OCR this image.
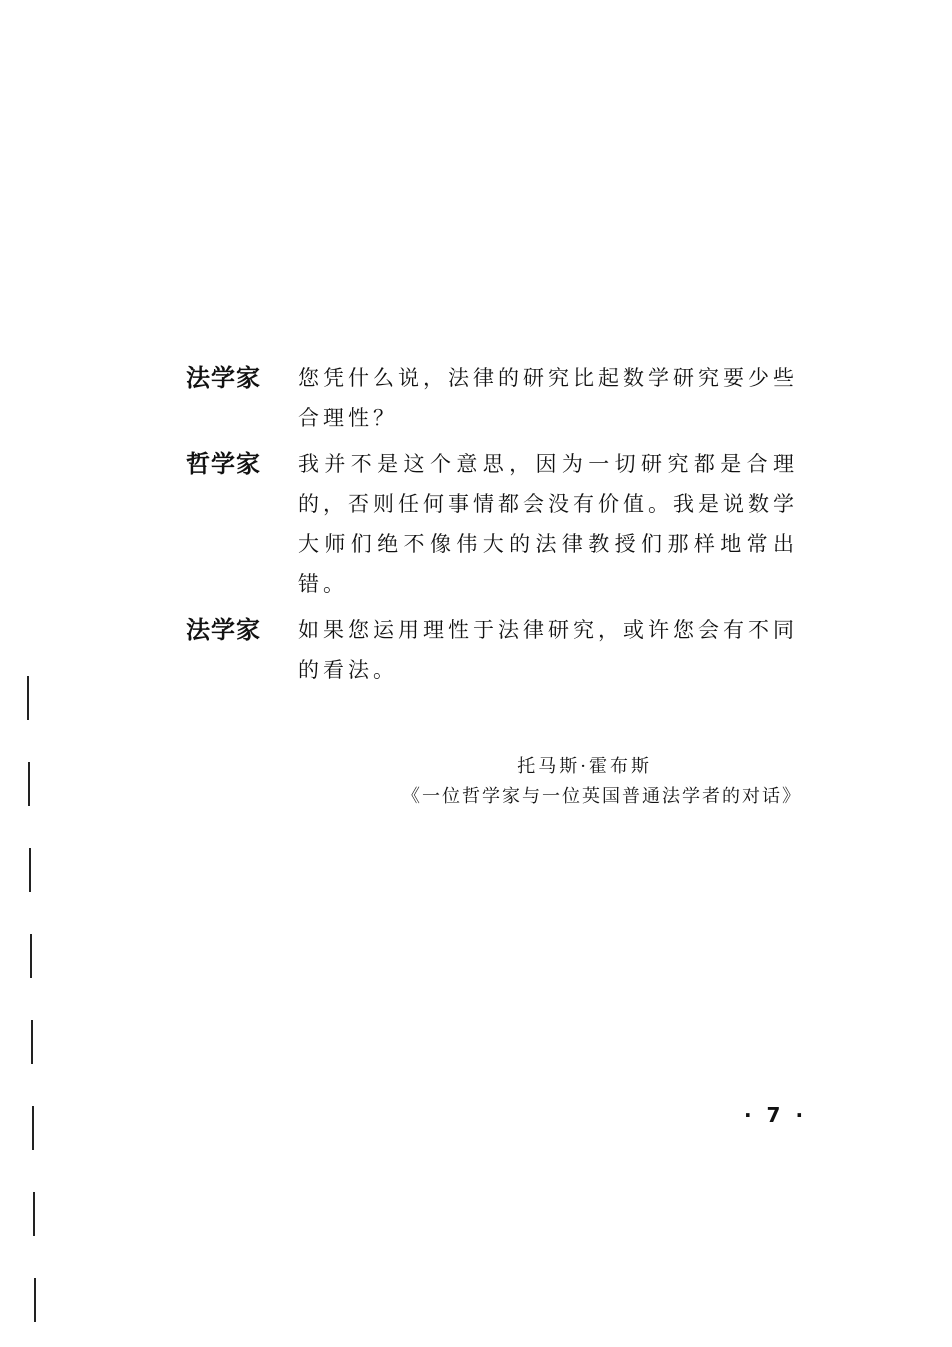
法学家	您凭什么说，法律的研究比起数学研究要少些合理性？
哲学家	我并不是这个意思，因为一切研究都是合理的，否则任何事情都会没有价值。我是说数学大师们绝不像伟大的法律教授们那样地常出错。
法学家	如果您运用理性于法律研究，或许您会有不同的看法。
托马斯·霍布斯
《一位哲学家与一位英国普通法学者的对话》
· 7 ·
